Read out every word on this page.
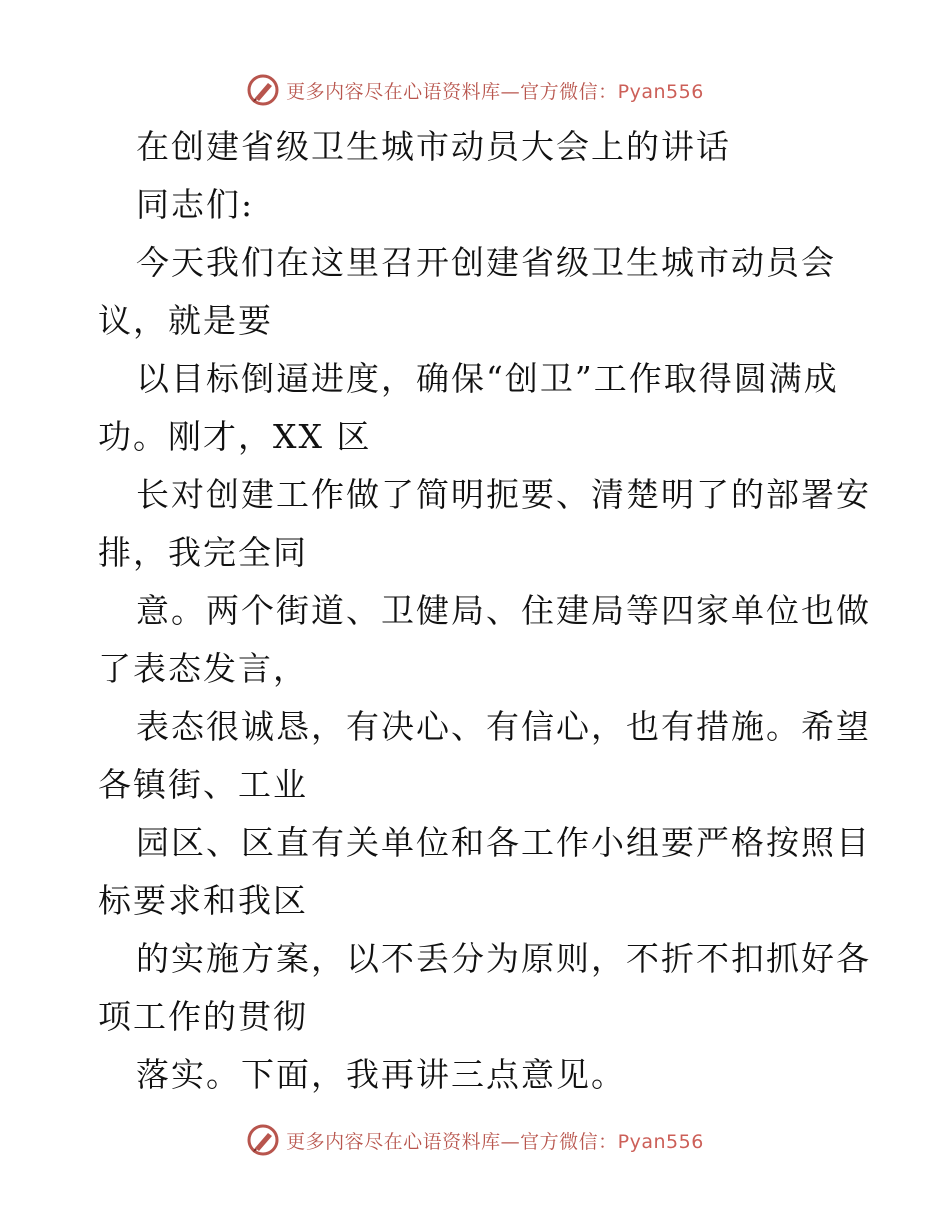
更多内容尽在心语资料库—官方微信：Pyan556
在创建省级卫生城市动员大会上的讲话
同志们:
今天我们在这里召开创建省级卫生城市动员会
议，就是要
以目标倒逼进度，确保“创卫”工作取得圆满成
功。刚才，XX 区
长对创建工作做了简明扼要、清楚明了的部署安
排，我完全同
意。两个街道、卫健局、住建局等四家单位也做
了表态发言，
表态很诚恳，有决心、有信心，也有措施。希望
各镇街、工业
园区、区直有关单位和各工作小组要严格按照目
标要求和我区
的实施方案，以不丢分为原则，不折不扣抓好各
项工作的贯彻
落实。下面，我再讲三点意见。
更多内容尽在心语资料库—官方微信：Pyan556
